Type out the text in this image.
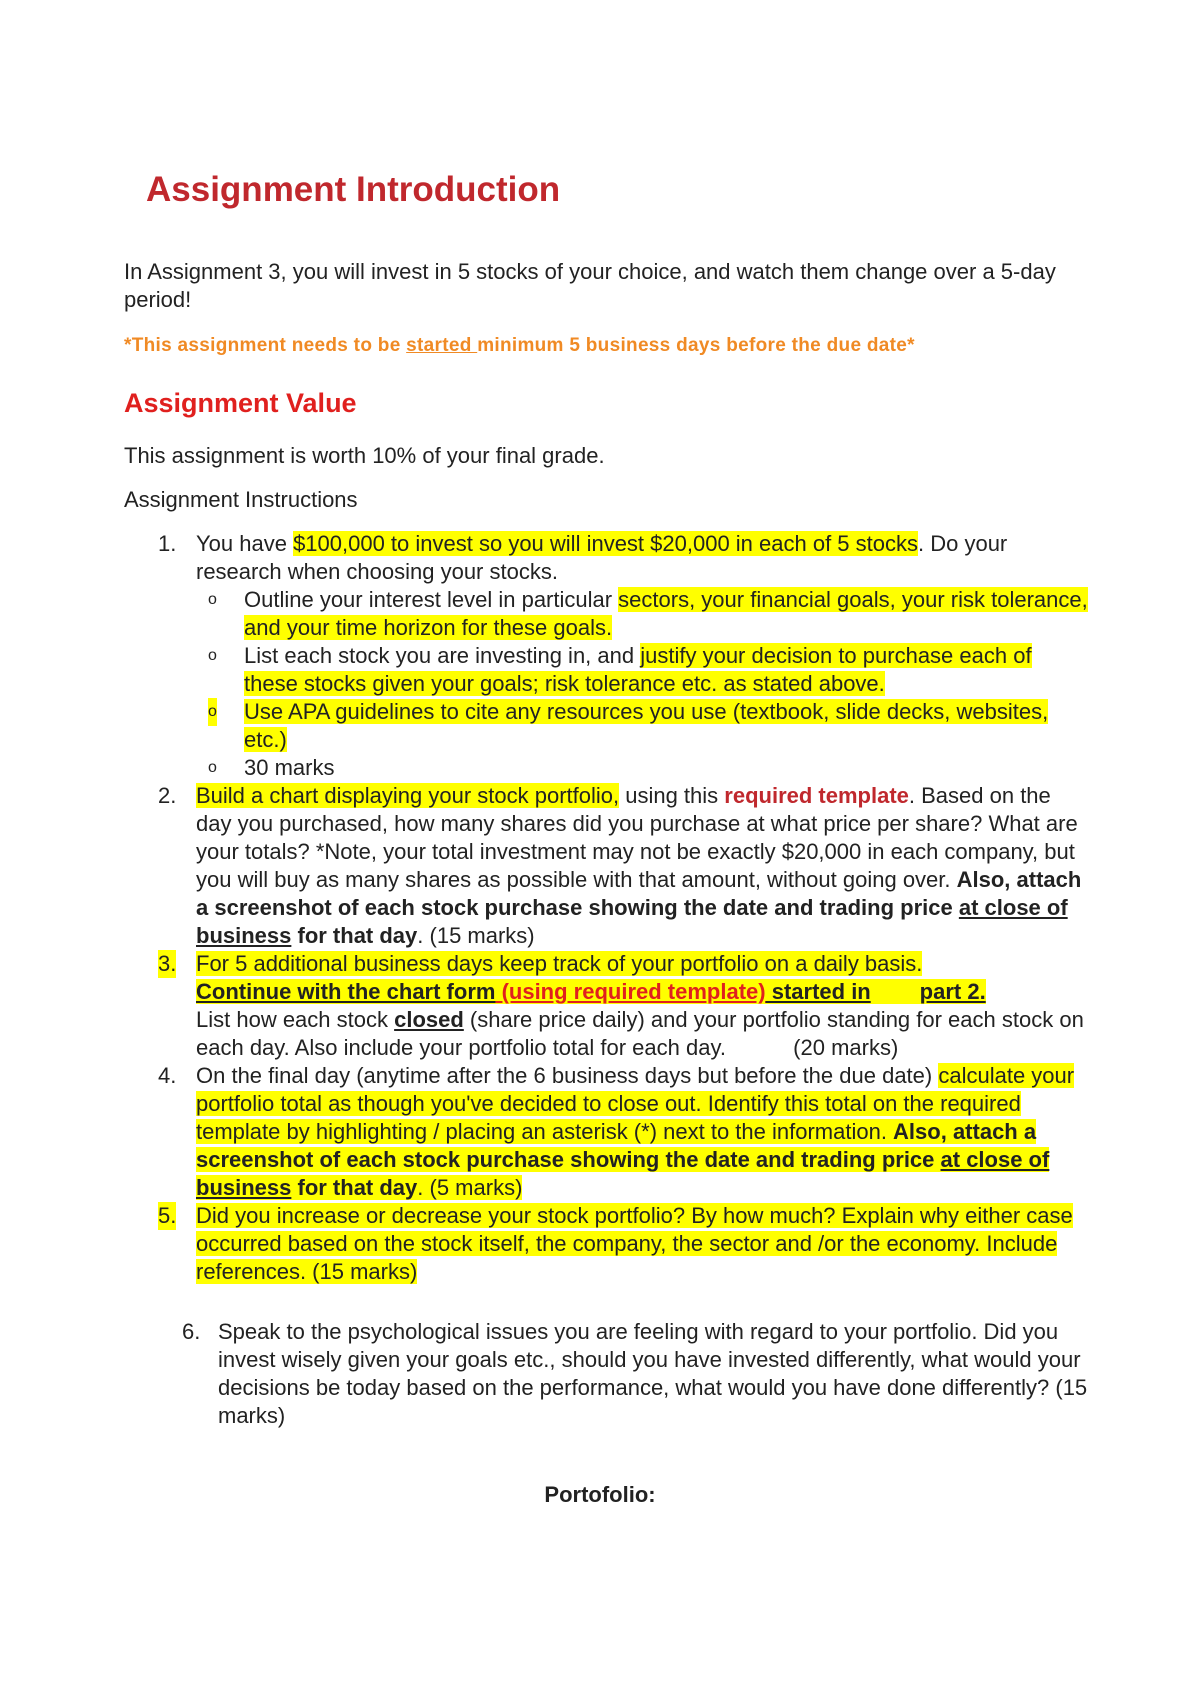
Assignment Introduction

In Assignment 3, you will invest in 5 stocks of your choice, and watch them change over a 5-day period!

*This assignment needs to be started minimum 5 business days before the due date*

Assignment Value

This assignment is worth 10% of your final grade.

Assignment Instructions

1. You have $100,000 to invest so you will invest $20,000 in each of 5 stocks. Do your research when choosing your stocks.
o Outline your interest level in particular sectors, your financial goals, your risk tolerance, and your time horizon for these goals.
o List each stock you are investing in, and justify your decision to purchase each of these stocks given your goals; risk tolerance etc. as stated above.
o Use APA guidelines to cite any resources you use (textbook, slide decks, websites, etc.)
o 30 marks
2. Build a chart displaying your stock portfolio, using this required template. Based on the day you purchased, how many shares did you purchase at what price per share? What are your totals? *Note, your total investment may not be exactly $20,000 in each company, but you will buy as many shares as possible with that amount, without going over. Also, attach a screenshot of each stock purchase showing the date and trading price at close of business for that day. (15 marks)
3. For 5 additional business days keep track of your portfolio on a daily basis.
Continue with the chart form (using required template) started in part 2.
List how each stock closed (share price daily) and your portfolio standing for each stock on each day. Also include your portfolio total for each day.           (20 marks)
4. On the final day (anytime after the 6 business days but before the due date) calculate your portfolio total as though you've decided to close out. Identify this total on the required template by highlighting / placing an asterisk (*) next to the information. Also, attach a screenshot of each stock purchase showing the date and trading price at close of business for that day. (5 marks)
5. Did you increase or decrease your stock portfolio? By how much? Explain why either case occurred based on the stock itself, the company, the sector and /or the economy. Include references. (15 marks)
6. Speak to the psychological issues you are feeling with regard to your portfolio. Did you invest wisely given your goals etc., should you have invested differently, what would your decisions be today based on the performance, what would you have done differently? (15 marks)
Portofolio:
